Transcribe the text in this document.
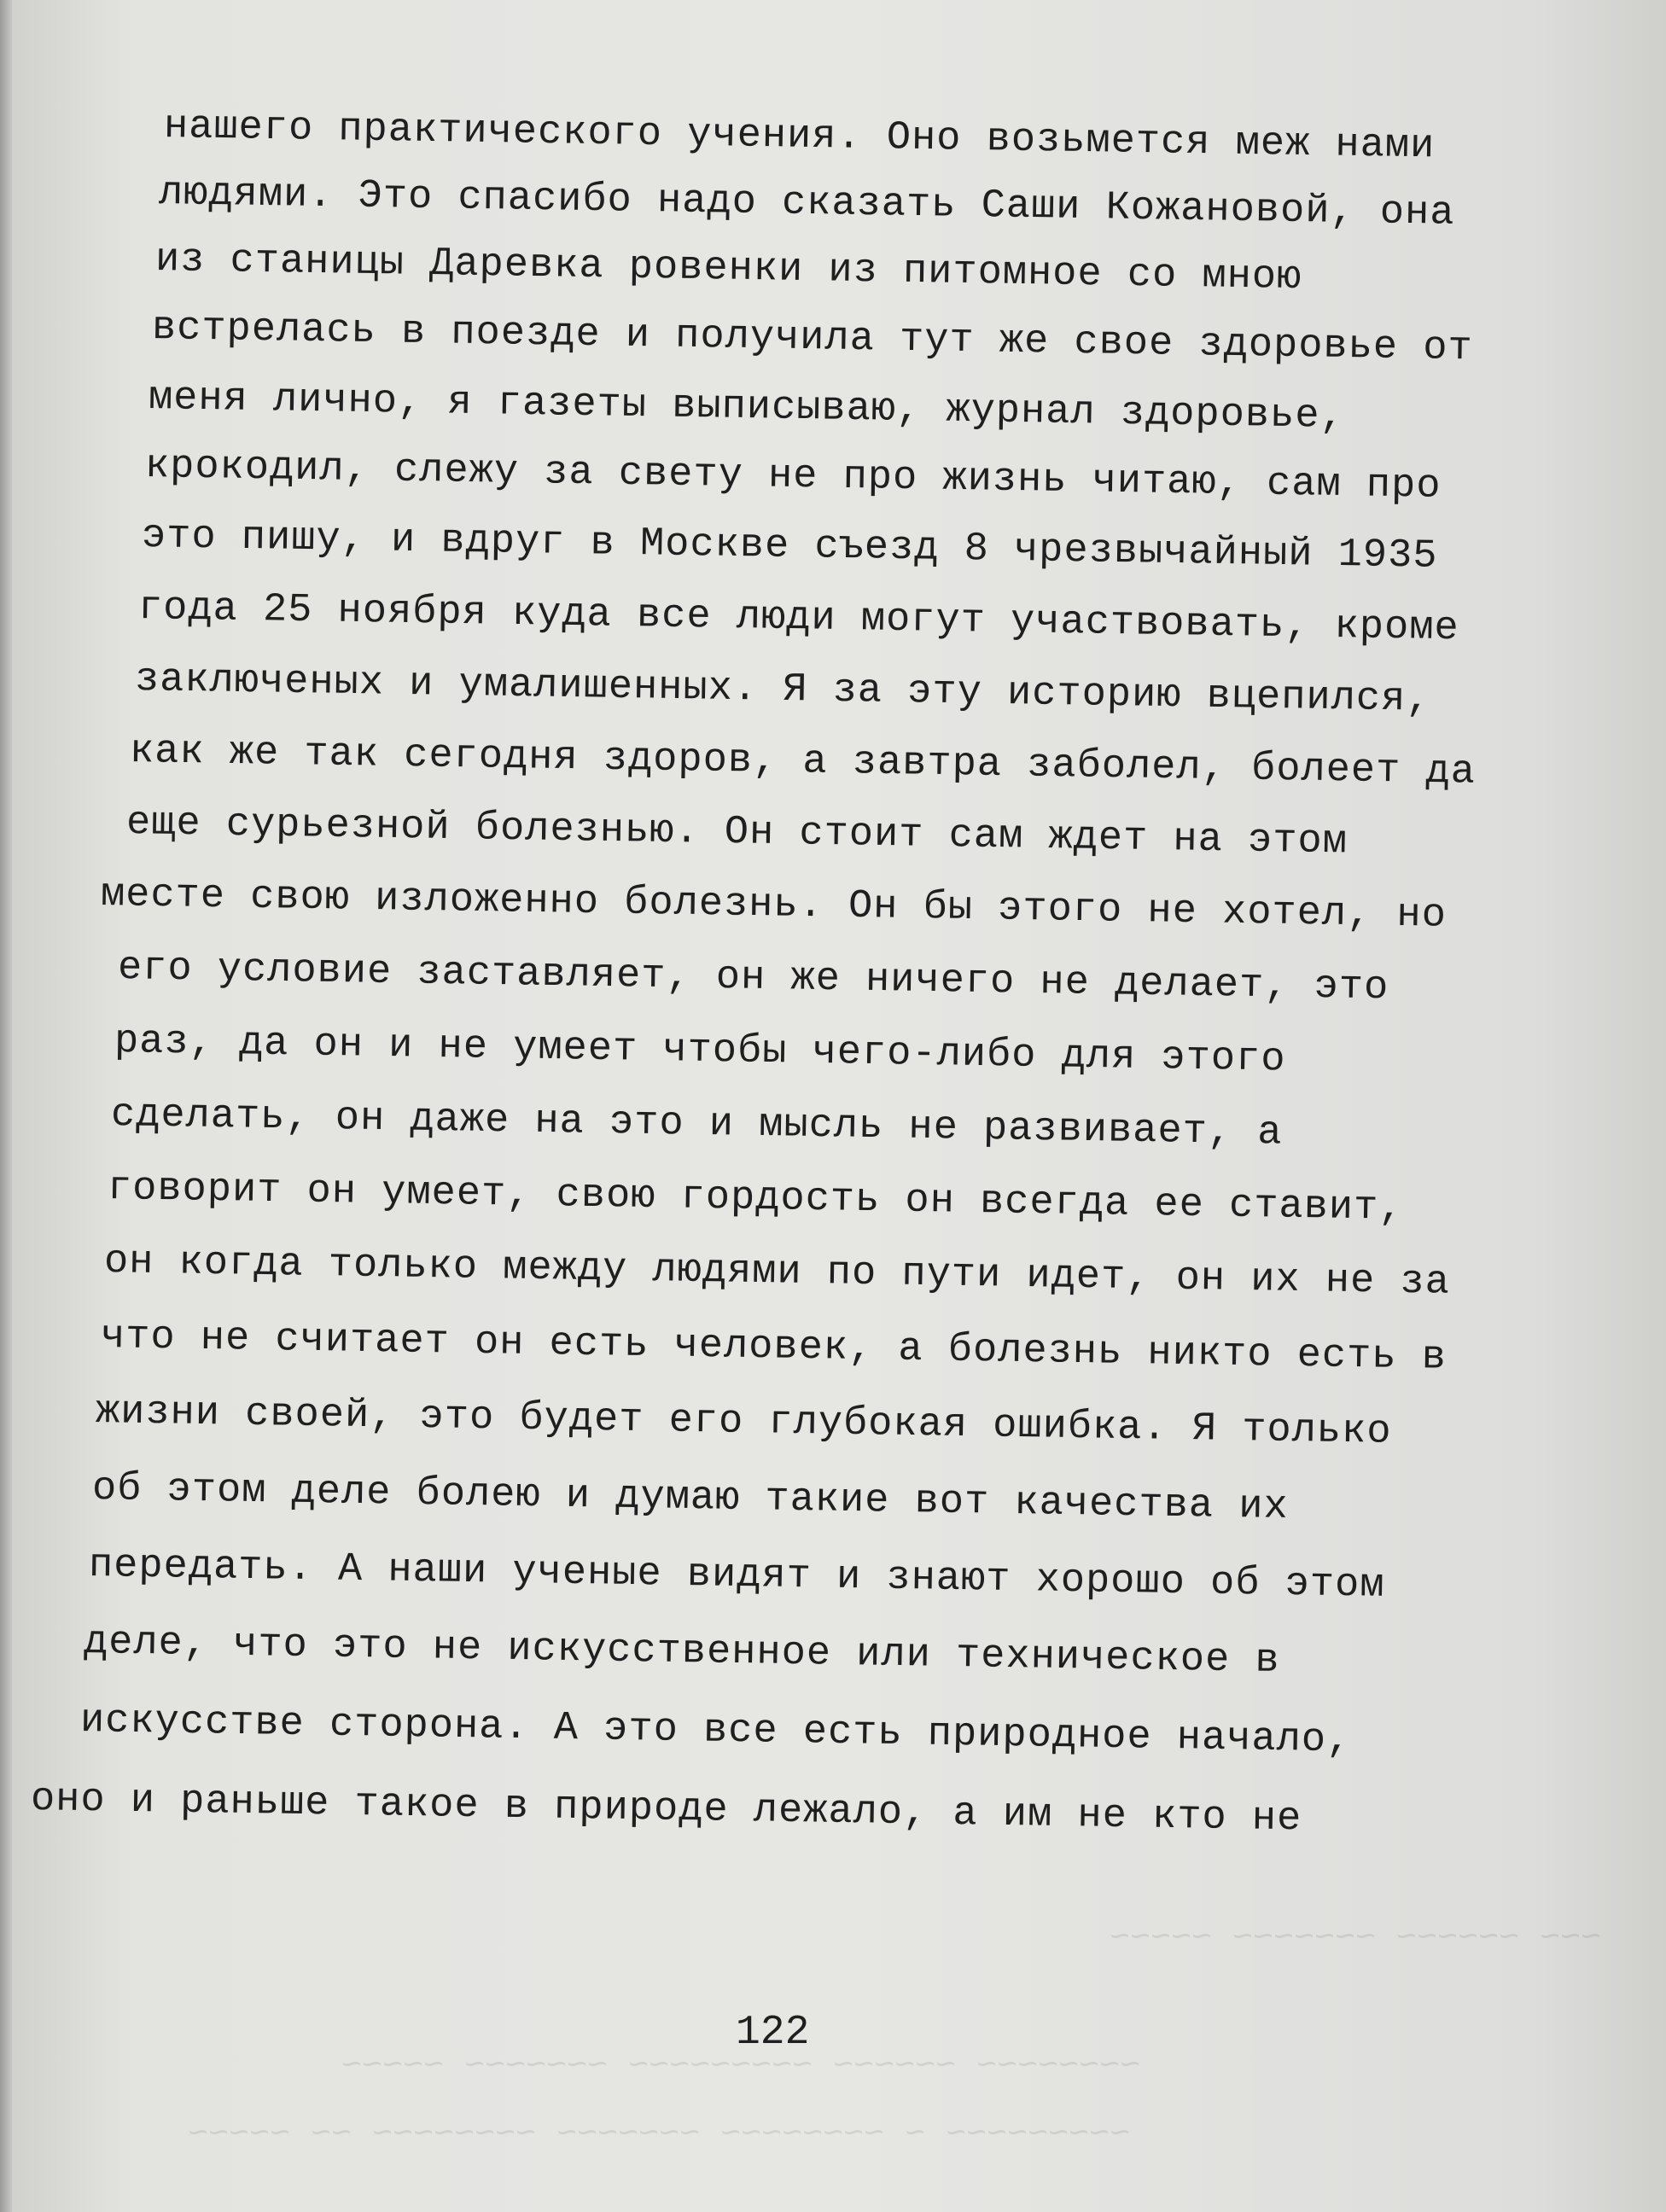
~~~ ~~~~~~ ~~~~~~~ ~~~~~
~~~~~~~~ ~~~~~~ ~~~~~~~~~ ~~~~~~~ ~~~~~
~~~~~~~~~ ~ ~~~~~~~~ ~~~~~~~ ~~~~~~~~ ~~ ~~~~~
нашего практического учения. Оно возьмется меж нами
людями. Это спасибо надо сказать Саши Кожановой, она
из станицы Даревка ровенки из питомное со мною
встрелась в поезде и получила тут же свое здоровье от
меня лично, я газеты выписываю, журнал здоровье,
крокодил, слежу за свету не про жизнь читаю, сам про
это пишу, и вдруг в Москве съезд 8 чрезвычайный 1935
года 25 ноября куда все люди могут участвовать, кроме
заключеных и умалишенных. Я за эту историю вцепился,
как же так сегодня здоров, а завтра заболел, болеет да
еще сурьезной болезнью. Он стоит сам ждет на этом
месте свою изложенно болезнь. Он бы этого не хотел, но
его условие заставляет, он же ничего не делает, это
раз, да он и не умеет чтобы чего-либо для этого
сделать, он даже на это и мысль не развивает, а
говорит он умеет, свою гордость он всегда ее ставит,
он когда только между людями по пути идет, он их не за
что не считает он есть человек, а болезнь никто есть в
жизни своей, это будет его глубокая ошибка. Я только
об этом деле болею и думаю такие вот качества их
передать. А наши ученые видят и знают хорошо об этом
деле, что это не искусственное или техническое в
искусстве сторона. А это все есть природное начало,
оно и раньше такое в природе лежало, а им не кто не
122
